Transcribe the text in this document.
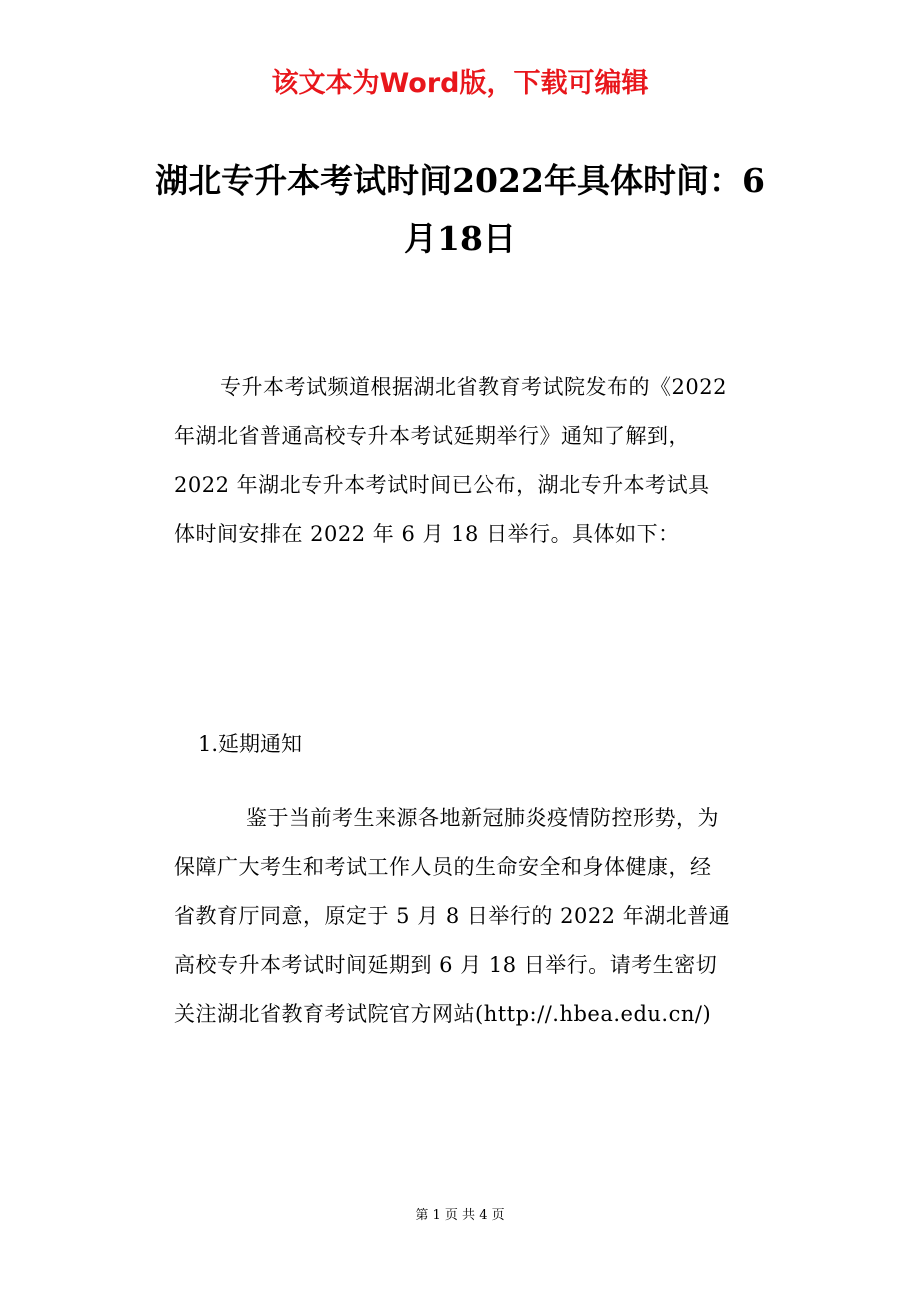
该文本为Word版，下载可编辑
湖北专升本考试时间2022年具体时间：6
月18日
专升本考试频道根据湖北省教育考试院发布的《2022
年湖北省普通高校专升本考试延期举行》通知了解到，
2022 年湖北专升本考试时间已公布，湖北专升本考试具
体时间安排在 2022 年 6 月 18 日举行。具体如下：
1.延期通知
鉴于当前考生来源各地新冠肺炎疫情防控形势，为
保障广大考生和考试工作人员的生命安全和身体健康，经
省教育厅同意，原定于 5 月 8 日举行的 2022 年湖北普通
高校专升本考试时间延期到 6 月 18 日举行。请考生密切
关注湖北省教育考试院官方网站(http://.hbea.edu.cn/)
第 1 页 共 4 页
